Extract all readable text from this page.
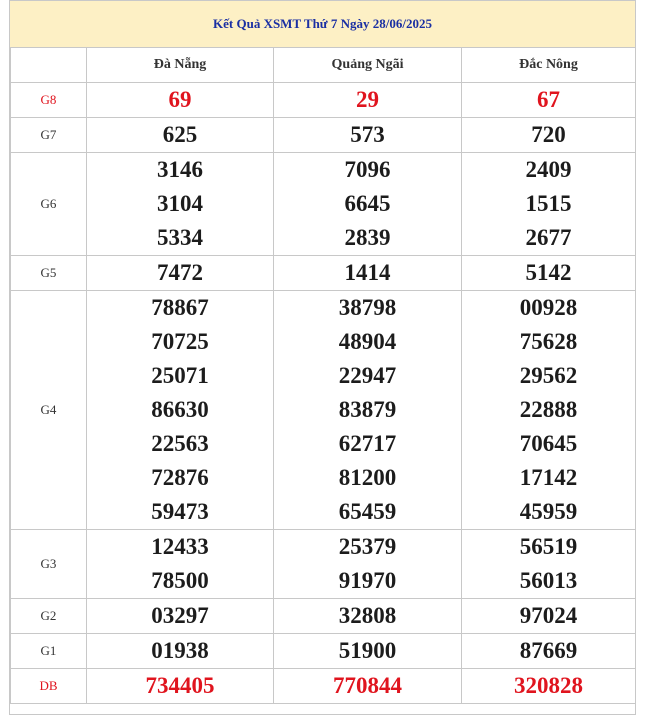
Kết Quả XSMT Thứ 7 Ngày 28/06/2025
	Đà Nẵng	Quảng Ngãi	Đắc Nông
G8	69	29	67
G7	625	573	720
G6	3146	7096	2409
	3104	6645	1515
	5334	2839	2677
G5	7472	1414	5142
G4	78867	38798	00928
	70725	48904	75628
	25071	22947	29562
	86630	83879	22888
	22563	62717	70645
	72876	81200	17142
	59473	65459	45959
G3	12433	25379	56519
	78500	91970	56013
G2	03297	32808	97024
G1	01938	51900	87669
DB	734405	770844	320828
